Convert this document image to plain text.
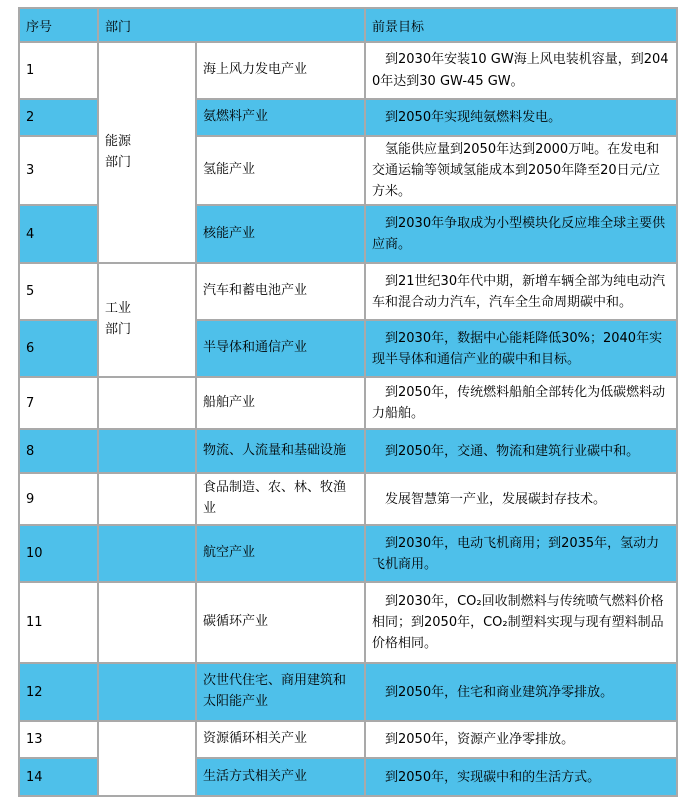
序号	部门		前景目标
1	能源部门	海上风力发电产业	到2030年安装10 GW海上风电装机容量，到2040年达到30 GW-45 GW。

2		氨燃料产业	到2050年实现纯氨燃料发电。

3		氢能产业	氢能供应量到2050年达到2000万吨。在发电和交通运输等领域氢能成本到2050年降至20日元/立方米。

4		核能产业	到2030年争取成为小型模块化反应堆全球主要供应商。

5	工业部门	汽车和蓄电池产业	到21世纪30年代中期，新增车辆全部为纯电动汽车和混合动力汽车，汽车全生命周期碳中和。

6		半导体和通信产业	到2030年，数据中心能耗降低30%；2040年实现半导体和通信产业的碳中和目标。

7		船舶产业	到2050年，传统燃料船舶全部转化为低碳燃料动力船舶。

8		物流、人流量和基础设施	到2050年，交通、物流和建筑行业碳中和。

9		食品制造、农、林、牧渔业	发展智慧第一产业，发展碳封存技术。

10		航空产业	到2030年，电动飞机商用；到2035年，氢动力飞机商用。

11		碳循环产业	到2030年，CO₂回收制燃料与传统喷气燃料价格相同；到2050年，CO₂制塑料实现与现有塑料制品价格相同。

12		次世代住宅、商用建筑和太阳能产业	到2050年，住宅和商业建筑净零排放。

13		资源循环相关产业	到2050年，资源产业净零排放。

14		生活方式相关产业	到2050年，实现碳中和的生活方式。
